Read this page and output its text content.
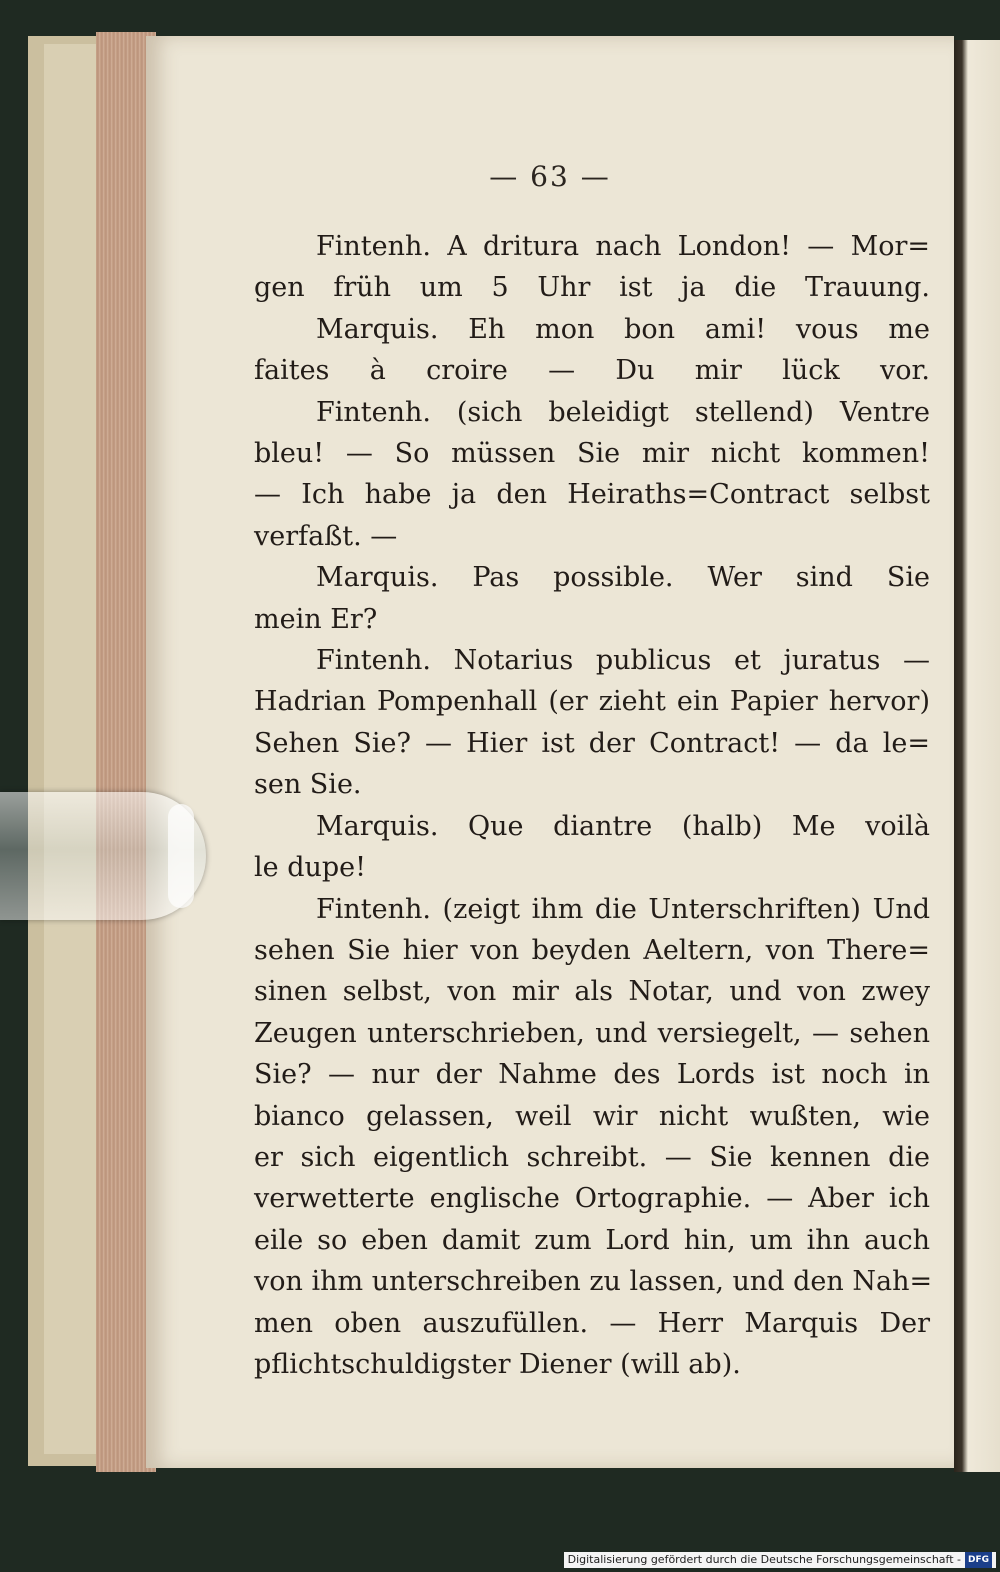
— 63 —
Fintenh. A dritura nach London! — Mor=
gen früh um 5 Uhr ist ja die Trauung.
Marquis. Eh mon bon ami! vous me
faites à croire — Du mir lück vor.
Fintenh. (sich beleidigt stellend) Ventre
bleu! — So müssen Sie mir nicht kommen!
— Ich habe ja den Heiraths=Contract selbst
verfaßt. —
Marquis. Pas possible. Wer sind Sie
mein Er?
Fintenh. Notarius publicus et juratus —
Hadrian Pompenhall (er zieht ein Papier hervor)
Sehen Sie? — Hier ist der Contract! — da le=
sen Sie.
Marquis. Que diantre (halb) Me voilà
le dupe!
Fintenh. (zeigt ihm die Unterschriften) Und
sehen Sie hier von beyden Aeltern, von There=
sinen selbst, von mir als Notar, und von zwey
Zeugen unterschrieben, und versiegelt, — sehen
Sie? — nur der Nahme des Lords ist noch in
bianco gelassen, weil wir nicht wußten, wie
er sich eigentlich schreibt. — Sie kennen die
verwetterte englische Ortographie. — Aber ich
eile so eben damit zum Lord hin, um ihn auch
von ihm unterschreiben zu lassen, und den Nah=
men oben auszufüllen. — Herr Marquis Der
pflichtschuldigster Diener (will ab).
Digitalisierung gefördert durch die Deutsche Forschungsgemeinschaft - DFG
